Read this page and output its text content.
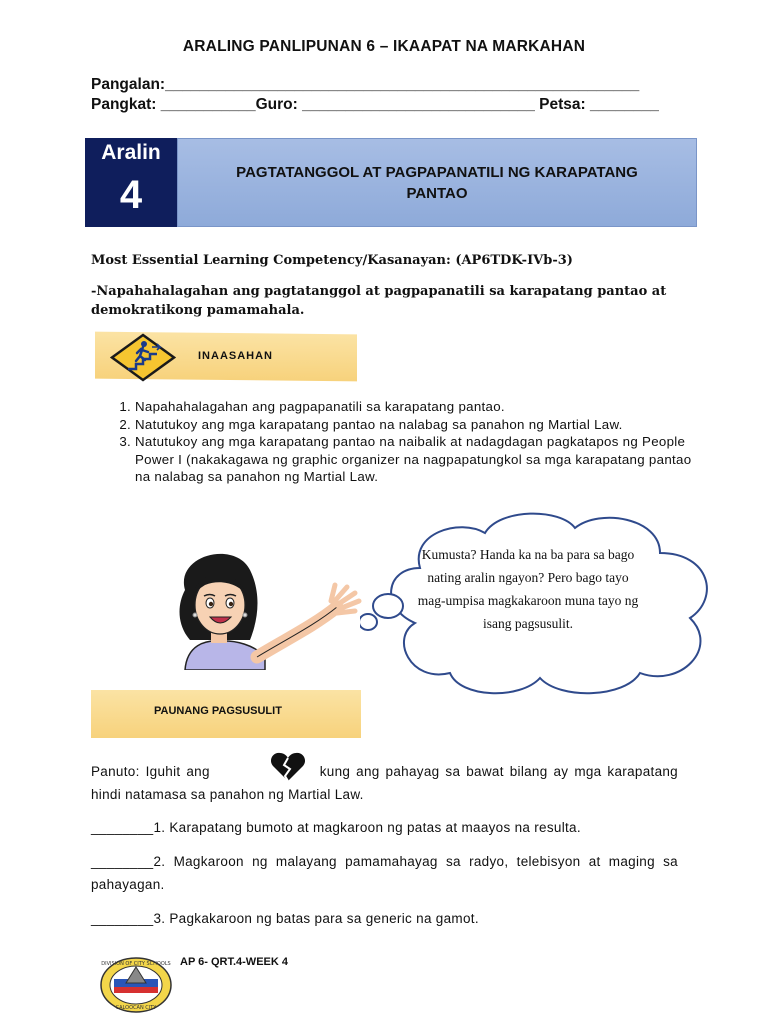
ARALING PANLIPUNAN 6 – IKAAPAT NA MARKAHAN
Pangalan:_______________________________________________________
Pangkat: ___________Guro: ___________________________ Petsa: ________
Aralin
4
PAGTATANGGOL AT PAGPAPANATILI NG KARAPATANG PANTAO
Most Essential Learning Competency/Kasanayan: (AP6TDK-IVb-3)
-Napahahalagahan ang pagtatanggol at pagpapanatili sa karapatang pantao at demokratikong pamamahala.
INAASAHAN
1. Napahahalagahan ang pagpapanatili sa karapatang pantao.
2. Natutukoy ang mga karapatang pantao na nalabag sa panahon ng Martial Law.
3. Natutukoy ang mga karapatang pantao na naibalik at nadagdagan pagkatapos ng People Power I (nakakagawa ng graphic organizer na nagpapatungkol sa mga karapatang pantao na nalabag sa panahon ng Martial Law.
Kumusta? Handa ka na ba para sa bago nating aralin ngayon? Pero bago tayo mag-umpisa magkakaroon muna tayo ng isang pagsusulit.
PAUNANG PAGSUSULIT
Panuto: Iguhit ang	kung ang pahayag sa bawat bilang ay mga karapatang hindi natamasa sa panahon ng Martial Law.
________1. Karapatang bumoto at magkaroon ng patas at maayos na resulta.
________2. Magkaroon ng malayang pamamahayag sa radyo, telebisyon at maging sa pahayagan.
________3. Pagkakaroon ng batas para sa generic na gamot.
DIVISION OF CITY SCHOOLS
CALOOCAN CITY
AP 6- QRT.4-WEEK 4
